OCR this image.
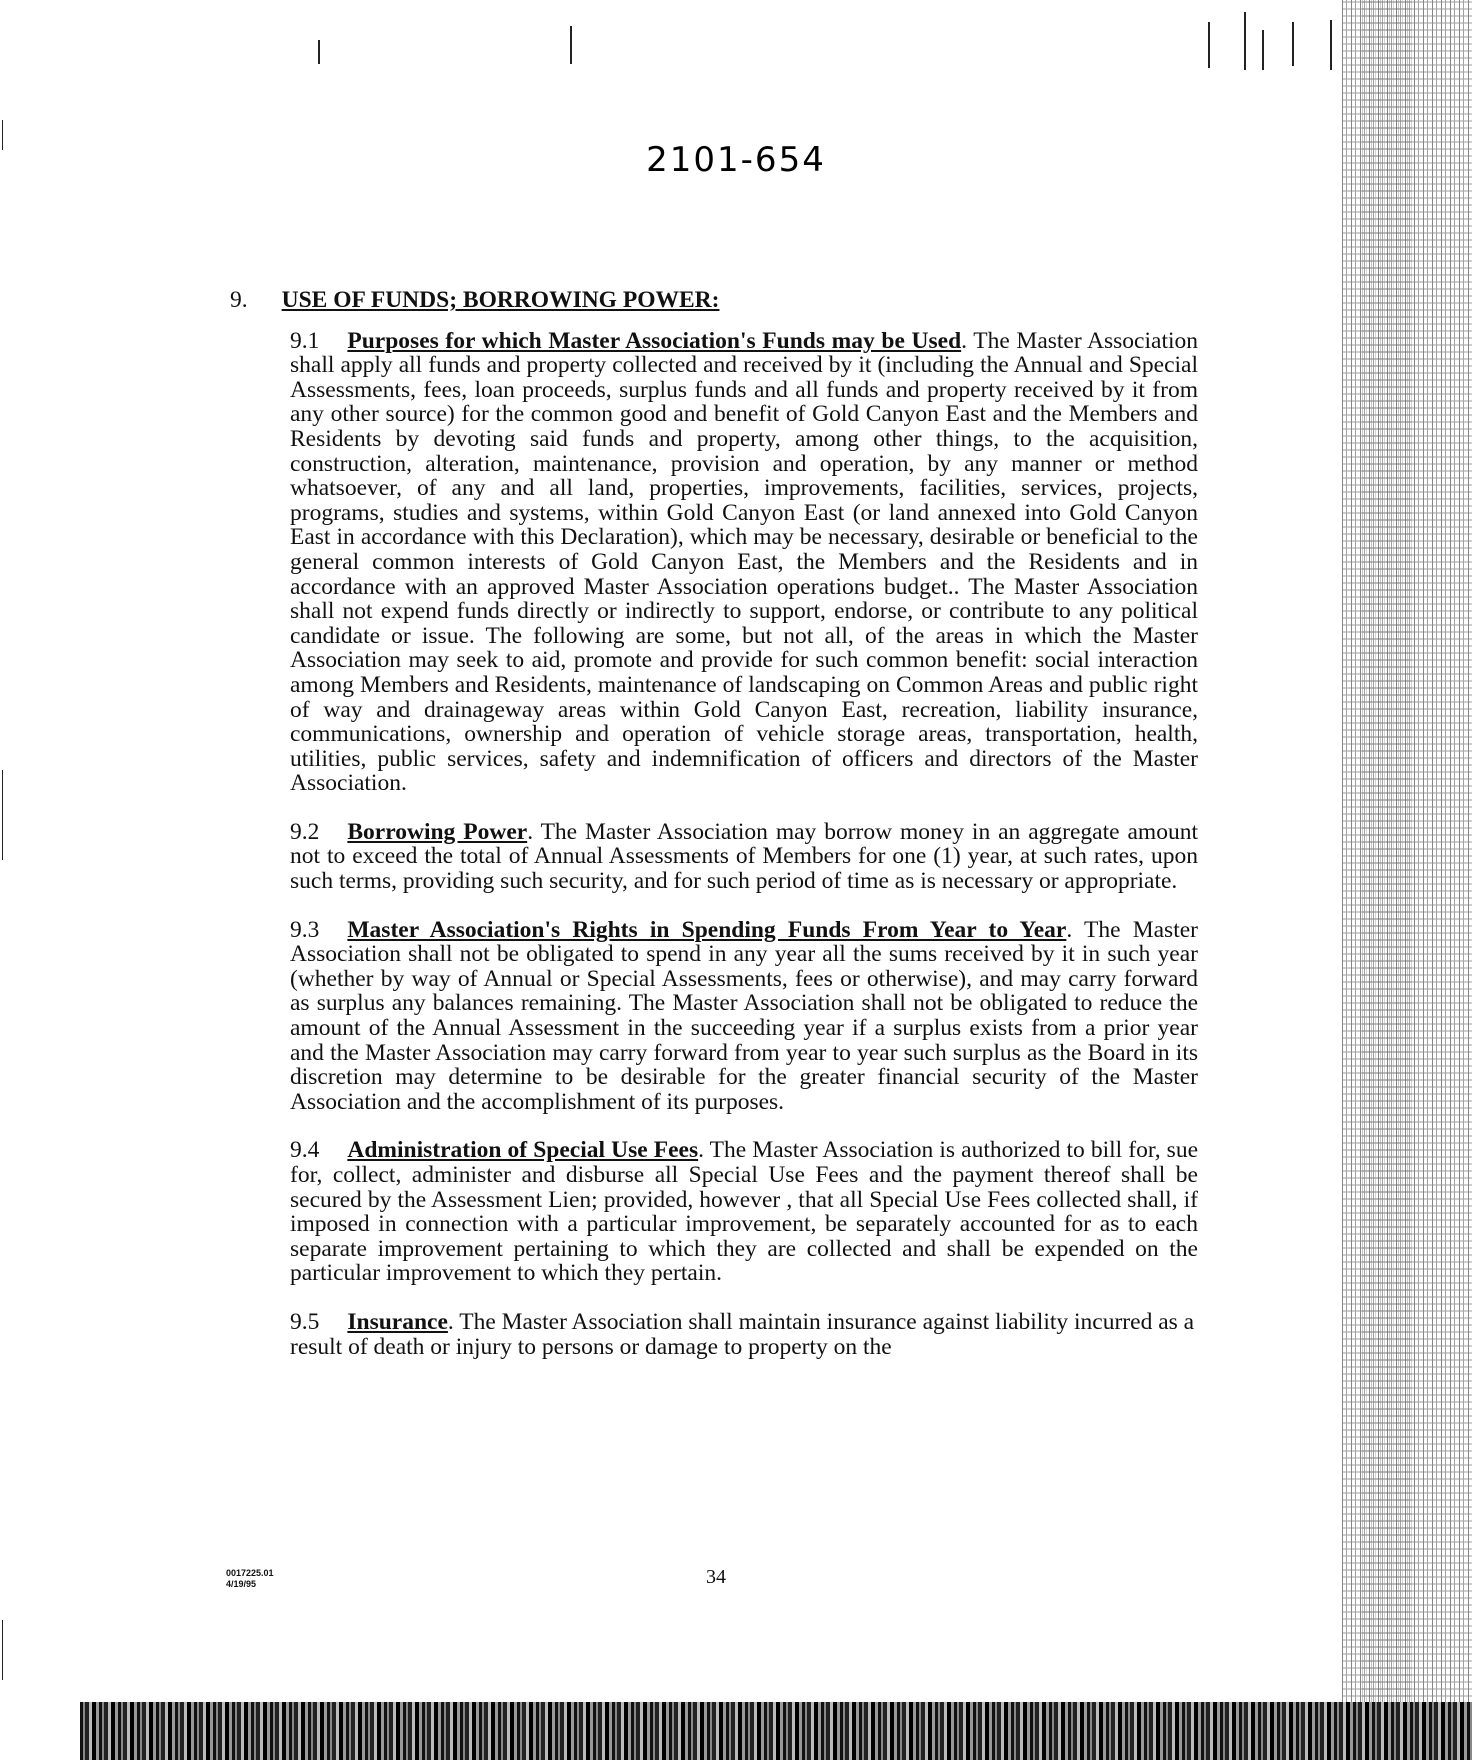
2101-654
9. USE OF FUNDS; BORROWING POWER:
9.1 Purposes for which Master Association's Funds may be Used. The Master Association shall apply all funds and property collected and received by it (including the Annual and Special Assessments, fees, loan proceeds, surplus funds and all funds and property received by it from any other source) for the common good and benefit of Gold Canyon East and the Members and Residents by devoting said funds and property, among other things, to the acquisition, construction, alteration, maintenance, provision and operation, by any manner or method whatsoever, of any and all land, properties, improvements, facilities, services, projects, programs, studies and systems, within Gold Canyon East (or land annexed into Gold Canyon East in accordance with this Declaration), which may be necessary, desirable or beneficial to the general common interests of Gold Canyon East, the Members and the Residents and in accordance with an approved Master Association operations budget.. The Master Association shall not expend funds directly or indirectly to support, endorse, or contribute to any political candidate or issue. The following are some, but not all, of the areas in which the Master Association may seek to aid, promote and provide for such common benefit: social interaction among Members and Residents, maintenance of landscaping on Common Areas and public right of way and drainageway areas within Gold Canyon East, recreation, liability insurance, communications, ownership and operation of vehicle storage areas, transportation, health, utilities, public services, safety and indemnification of officers and directors of the Master Association.
9.2 Borrowing Power. The Master Association may borrow money in an aggregate amount not to exceed the total of Annual Assessments of Members for one (1) year, at such rates, upon such terms, providing such security, and for such period of time as is necessary or appropriate.
9.3 Master Association's Rights in Spending Funds From Year to Year. The Master Association shall not be obligated to spend in any year all the sums received by it in such year (whether by way of Annual or Special Assessments, fees or otherwise), and may carry forward as surplus any balances remaining. The Master Association shall not be obligated to reduce the amount of the Annual Assessment in the succeeding year if a surplus exists from a prior year and the Master Association may carry forward from year to year such surplus as the Board in its discretion may determine to be desirable for the greater financial security of the Master Association and the accomplishment of its purposes.
9.4 Administration of Special Use Fees. The Master Association is authorized to bill for, sue for, collect, administer and disburse all Special Use Fees and the payment thereof shall be secured by the Assessment Lien; provided, however , that all Special Use Fees collected shall, if imposed in connection with a particular improvement, be separately accounted for as to each separate improvement pertaining to which they are collected and shall be expended on the particular improvement to which they pertain.
9.5 Insurance. The Master Association shall maintain insurance against liability incurred as a result of death or injury to persons or damage to property on the
0017225.01
4/19/95	34
